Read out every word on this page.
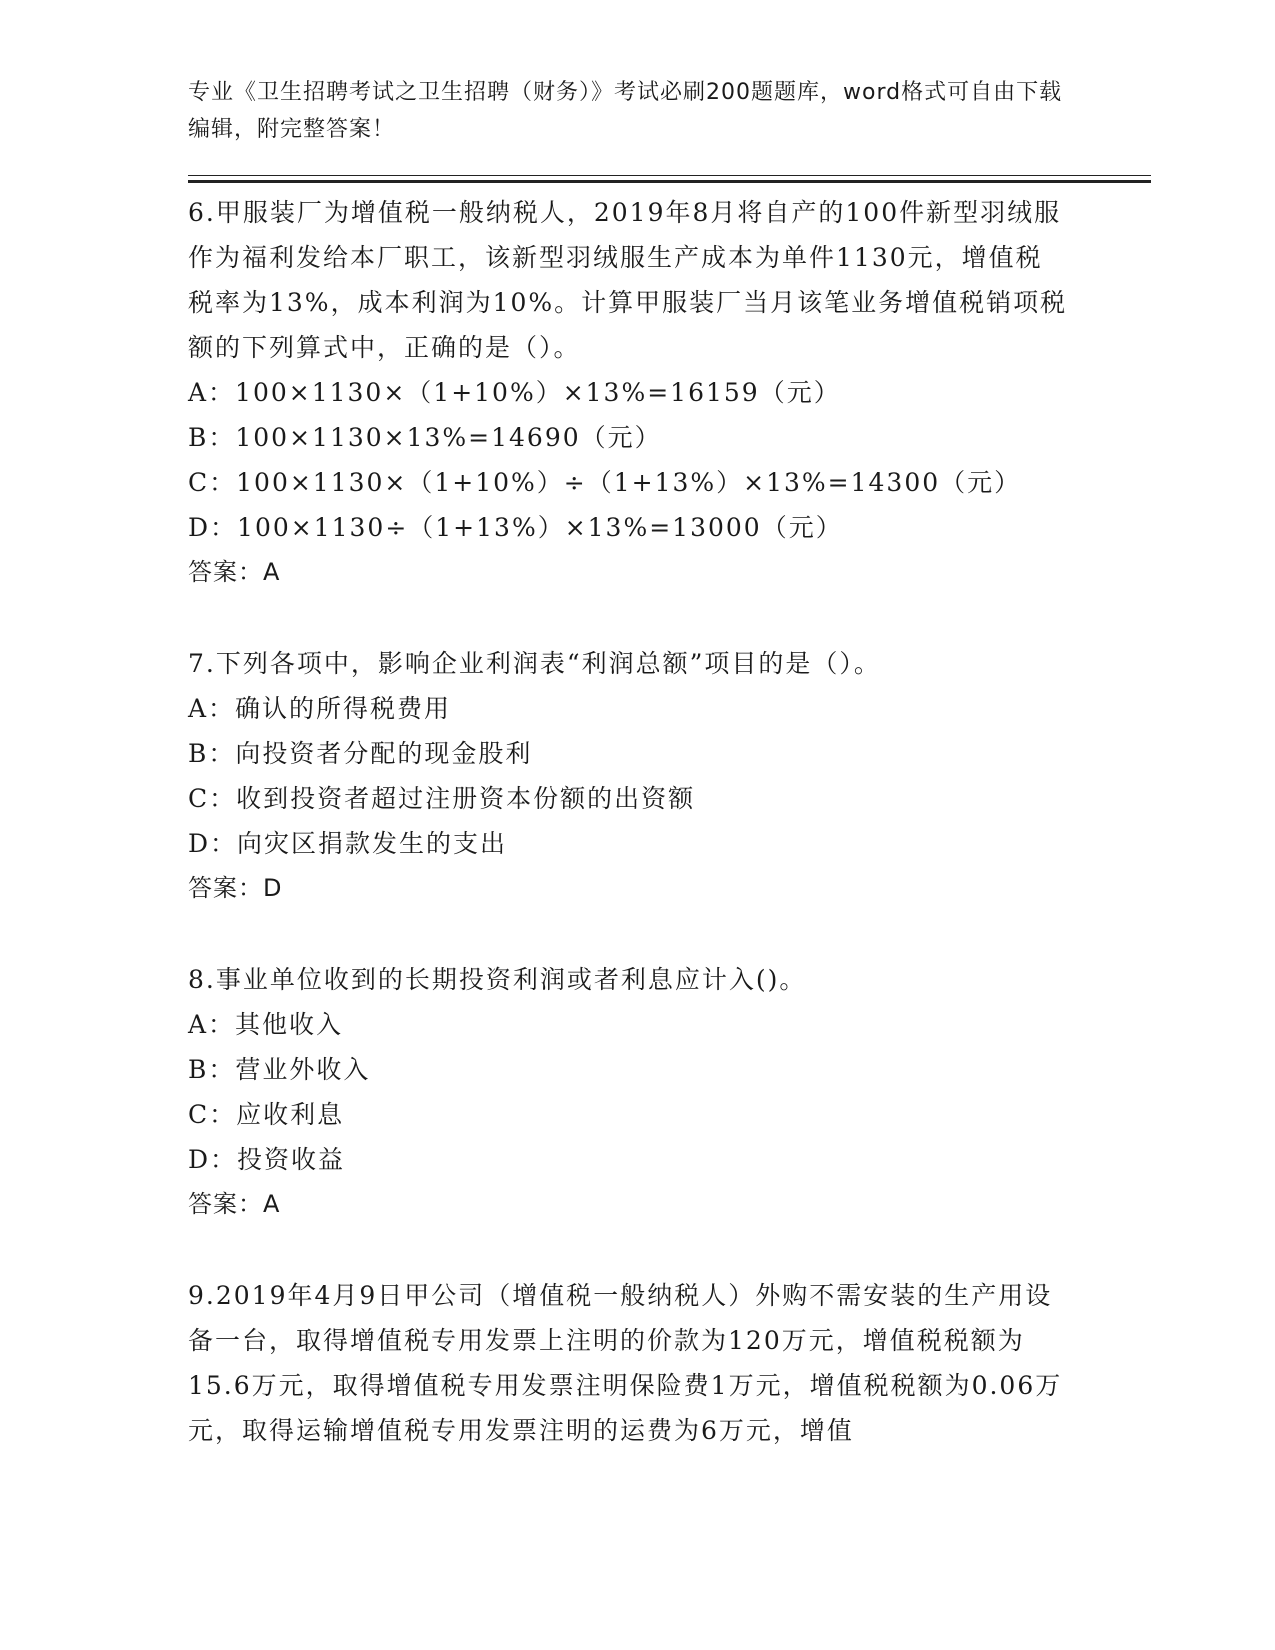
专业《卫生招聘考试之卫生招聘（财务）》考试必刷200题题库，word格式可自由下载编辑，附完整答案！
6.甲服装厂为增值税一般纳税人，2019年8月将自产的100件新型羽绒服作为福利发给本厂职工，该新型羽绒服生产成本为单件1130元，增值税税率为13%，成本利润为10%。计算甲服装厂当月该笔业务增值税销项税额的下列算式中，正确的是（）。
A：100×1130×（1+10%）×13%=16159（元）
B：100×1130×13%=14690（元）
C：100×1130×（1+10%）÷（1+13%）×13%=14300（元）
D：100×1130÷（1+13%）×13%=13000（元）
答案：A
7.下列各项中，影响企业利润表“利润总额”项目的是（）。
A：确认的所得税费用
B：向投资者分配的现金股利
C：收到投资者超过注册资本份额的出资额
D：向灾区捐款发生的支出
答案：D
8.事业单位收到的长期投资利润或者利息应计入()。
A：其他收入
B：营业外收入
C：应收利息
D：投资收益
答案：A
9.2019年4月9日甲公司（增值税一般纳税人）外购不需安装的生产用设备一台，取得增值税专用发票上注明的价款为120万元，增值税税额为15.6万元，取得增值税专用发票注明保险费1万元，增值税税额为0.06万元，取得运输增值税专用发票注明的运费为6万元，增值
